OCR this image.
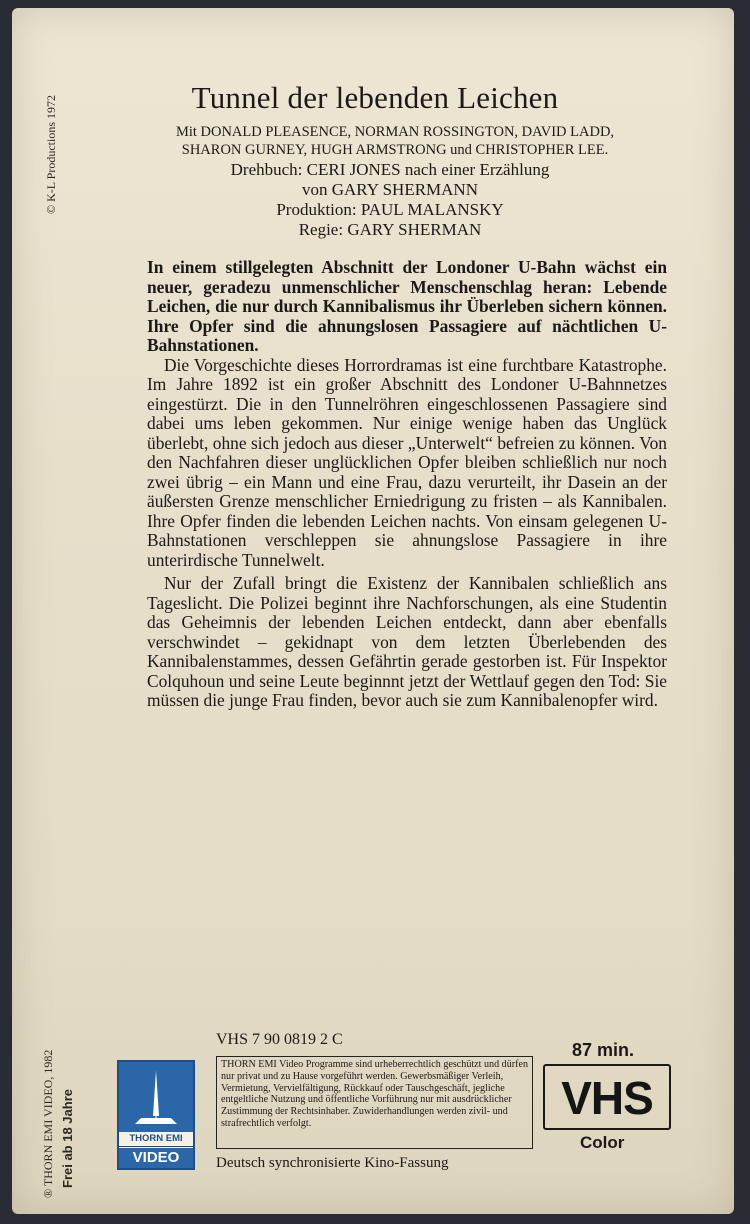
© K-L Productions 1972
® THORN EMI VIDEO, 1982 Frei ab 18 Jahre
Tunnel der lebenden Leichen
Mit DONALD PLEASENCE, NORMAN ROSSINGTON, DAVID LADD,
SHARON GURNEY, HUGH ARMSTRONG und CHRISTOPHER LEE.
Drehbuch: CERI JONES nach einer Erzählung
von GARY SHERMANN
Produktion: PAUL MALANSKY
Regie: GARY SHERMAN

In einem stillgelegten Abschnitt der Londoner U-Bahn wächst ein neuer, geradezu unmenschlicher Menschenschlag heran: Lebende Leichen, die nur durch Kannibalismus ihr Überleben sichern können. Ihre Opfer sind die ahnungslosen Passagiere auf nächtlichen U-Bahnstationen.

Die Vorgeschichte dieses Horrordramas ist eine furchtbare Katastrophe. Im Jahre 1892 ist ein großer Abschnitt des Londoner U-Bahnnetzes eingestürzt. Die in den Tunnelröhren eingeschlossenen Passagiere sind dabei ums leben gekommen. Nur einige wenige haben das Unglück überlebt, ohne sich jedoch aus dieser „Unterwelt“ befreien zu können. Von den Nachfahren dieser unglücklichen Opfer bleiben schließlich nur noch zwei übrig – ein Mann und eine Frau, dazu verurteilt, ihr Dasein an der äußersten Grenze menschlicher Erniedrigung zu fristen – als Kannibalen. Ihre Opfer finden die lebenden Leichen nachts. Von einsam gelegenen U-Bahnstationen verschleppen sie ahnungslose Passagiere in ihre unterirdische Tunnelwelt.

Nur der Zufall bringt die Existenz der Kannibalen schließlich ans Tageslicht. Die Polizei beginnt ihre Nachforschungen, als eine Studentin das Geheimnis der lebenden Leichen entdeckt, dann aber ebenfalls verschwindet – gekidnapt von dem letzten Überlebenden des Kannibalenstammes, dessen Gefährtin gerade gestorben ist. Für Inspektor Colquhoun und seine Leute beginnnt jetzt der Wettlauf gegen den Tod: Sie müssen die junge Frau finden, bevor auch sie zum Kannibalenopfer wird.

VHS 7 90 0819 2 C
THORN EMI
VIDEO
THORN EMI Video Programme sind urheberrechtlich geschützt und dürfen nur privat und zu Hause vorgeführt werden. Gewerbsmäßiger Verleih, Vermietung, Vervielfältigung, Rückkauf oder Tauschgeschäft, jegliche entgeltliche Nutzung und öffentliche Vorführung nur mit ausdrücklicher Zustimmung der Rechtsinhaber. Zuwiderhandlungen werden zivil- und strafrechtlich verfolgt.
Deutsch synchronisierte Kino-Fassung
87 min.
VHS
Color
